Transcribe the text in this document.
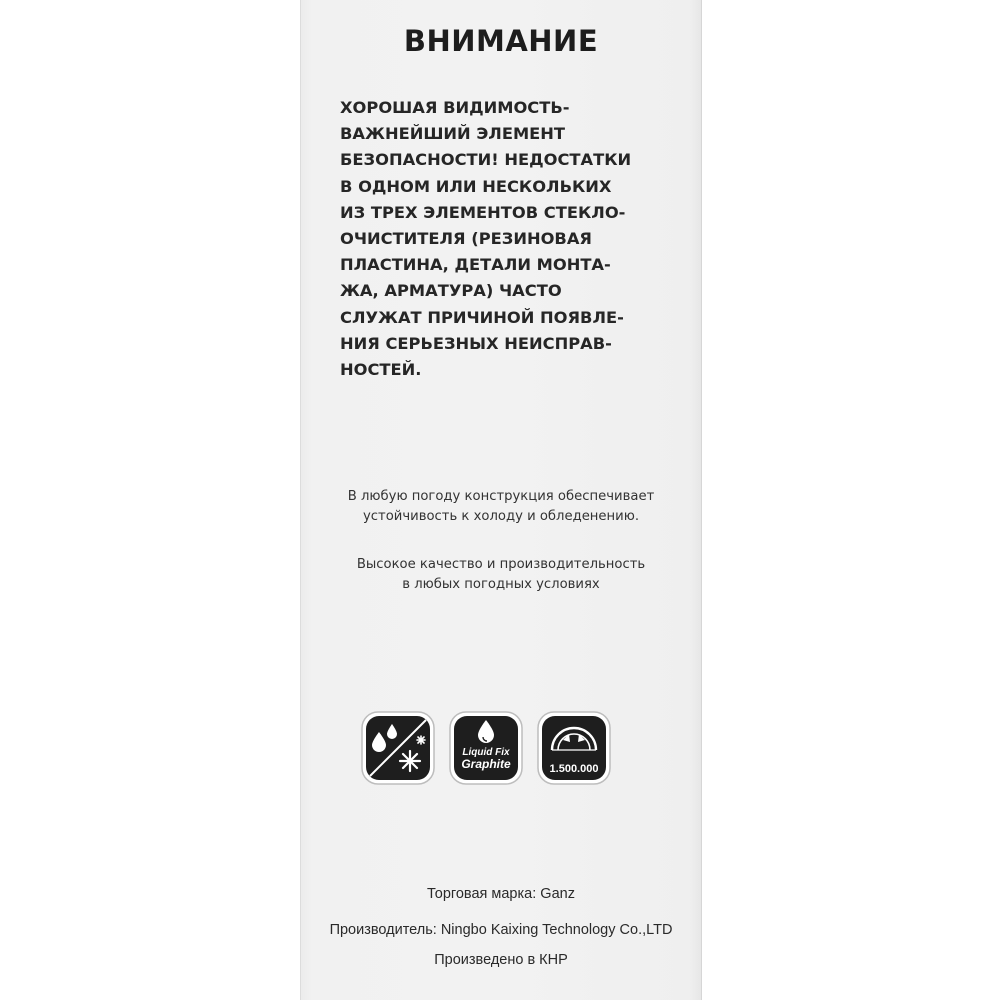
ВНИМАНИЕ
ХОРОШАЯ ВИДИМОСТЬ-
ВАЖНЕЙШИЙ ЭЛЕМЕНТ
БЕЗОПАСНОСТИ! НЕДОСТАТКИ
В ОДНОМ ИЛИ НЕСКОЛЬКИХ
ИЗ ТРЕХ ЭЛЕМЕНТОВ СТЕКЛО-
ОЧИСТИТЕЛЯ (РЕЗИНОВАЯ
ПЛАСТИНА, ДЕТАЛИ МОНТА-
ЖА, АРМАТУРА) ЧАСТО
СЛУЖАТ ПРИЧИНОЙ ПОЯВЛЕ-
НИЯ СЕРЬЕЗНЫХ НЕИСПРАВ-
НОСТЕЙ.
В любую погоду конструкция обеспечивает
устойчивость к холоду и обледенению.
Высокое качество и производительность
в любых погодных условиях
Liquid Fix
Graphite	1.500.000
Торговая марка: Ganz
Производитель: Ningbo Kaixing Technology Co.,LTD
Произведено в КНР
